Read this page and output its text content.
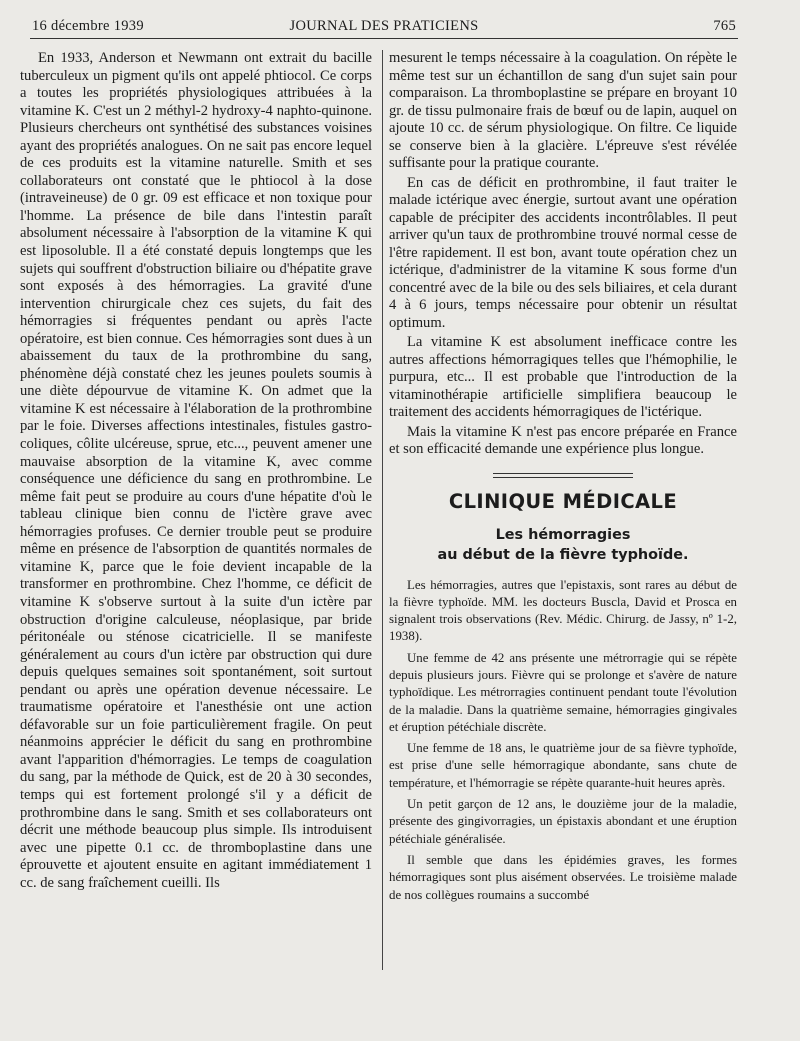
16 décembre 1939	JOURNAL DES PRATICIENS	765

En 1933, Anderson et Newmann ont extrait du bacille tuberculeux un pigment qu'ils ont appelé phtiocol. Ce corps a toutes les propriétés physiologiques attribuées à la vitamine K. C'est un 2 méthyl-2 hydroxy-4 naphto-quinone. Plusieurs chercheurs ont synthétisé des substances voisines ayant des propriétés analogues. On ne sait pas encore lequel de ces produits est la vitamine naturelle. Smith et ses collaborateurs ont constaté que le phtiocol à la dose (intraveineuse) de 0 gr. 09 est efficace et non toxique pour l'homme. La présence de bile dans l'intestin paraît absolument nécessaire à l'absorption de la vitamine K qui est liposoluble. Il a été constaté depuis longtemps que les sujets qui souffrent d'obstruction biliaire ou d'hépatite grave sont exposés à des hémorragies. La gravité d'une intervention chirurgicale chez ces sujets, du fait des hémorragies si fréquentes pendant ou après l'acte opératoire, est bien connue. Ces hémorragies sont dues à un abaissement du taux de la prothrombine du sang, phénomène déjà constaté chez les jeunes poulets soumis à une diète dépourvue de vitamine K. On admet que la vitamine K est nécessaire à l'élaboration de la prothrombine par le foie. Diverses affections intestinales, fistules gastro-coliques, côlite ulcéreuse, sprue, etc..., peuvent amener une mauvaise absorption de la vitamine K, avec comme conséquence une déficience du sang en prothrombine. Le même fait peut se produire au cours d'une hépatite d'où le tableau clinique bien connu de l'ictère grave avec hémorragies profuses. Ce dernier trouble peut se produire même en présence de l'absorption de quantités normales de vitamine K, parce que le foie devient incapable de la transformer en prothrombine. Chez l'homme, ce déficit de vitamine K s'observe surtout à la suite d'un ictère par obstruction d'origine calculeuse, néoplasique, par bride péritonéale ou sténose cicatricielle. Il se manifeste généralement au cours d'un ictère par obstruction qui dure depuis quelques semaines soit spontanément, soit surtout pendant ou après une opération devenue nécessaire. Le traumatisme opératoire et l'anesthésie ont une action défavorable sur un foie particulièrement fragile. On peut néanmoins apprécier le déficit du sang en prothrombine avant l'apparition d'hémorragies. Le temps de coagulation du sang, par la méthode de Quick, est de 20 à 30 secondes, temps qui est fortement prolongé s'il y a déficit de prothrombine dans le sang. Smith et ses collaborateurs ont décrit une méthode beaucoup plus simple. Ils introduisent avec une pipette 0.1 cc. de thromboplastine dans une éprouvette et ajoutent ensuite en agitant immédiatement 1 cc. de sang fraîchement cueilli. Ils

mesurent le temps nécessaire à la coagulation. On répète le même test sur un échantillon de sang d'un sujet sain pour comparaison. La thromboplastine se prépare en broyant 10 gr. de tissu pulmonaire frais de bœuf ou de lapin, auquel on ajoute 10 cc. de sérum physiologique. On filtre. Ce liquide se conserve bien à la glacière. L'épreuve s'est révélée suffisante pour la pratique courante.

En cas de déficit en prothrombine, il faut traiter le malade ictérique avec énergie, surtout avant une opération capable de précipiter des accidents incontrôlables. Il peut arriver qu'un taux de prothrombine trouvé normal cesse de l'être rapidement. Il est bon, avant toute opération chez un ictérique, d'administrer de la vitamine K sous forme d'un concentré avec de la bile ou des sels biliaires, et cela durant 4 à 6 jours, temps nécessaire pour obtenir un résultat optimum.

La vitamine K est absolument inefficace contre les autres affections hémorragiques telles que l'hémophilie, le purpura, etc... Il est probable que l'introduction de la vitaminothérapie artificielle simplifiera beaucoup le traitement des accidents hémorragiques de l'ictérique.

Mais la vitamine K n'est pas encore préparée en France et son efficacité demande une expérience plus longue.

CLINIQUE MÉDICALE
Les hémorragies
au début de la fièvre typhoïde.

Les hémorragies, autres que l'epistaxis, sont rares au début de la fièvre typhoïde. MM. les docteurs Buscla, David et Prosca en signalent trois observations (Rev. Médic. Chirurg. de Jassy, nº 1-2, 1938).

Une femme de 42 ans présente une métrorragie qui se répète depuis plusieurs jours. Fièvre qui se prolonge et s'avère de nature typhoïdique. Les métrorragies continuent pendant toute l'évolution de la maladie. Dans la quatrième semaine, hémorragies gingivales et éruption pétéchiale discrète.

Une femme de 18 ans, le quatrième jour de sa fièvre typhoïde, est prise d'une selle hémorragique abondante, sans chute de température, et l'hémorragie se répète quarante-huit heures après.

Un petit garçon de 12 ans, le douzième jour de la maladie, présente des gingivorragies, un épistaxis abondant et une éruption pétéchiale généralisée.

Il semble que dans les épidémies graves, les formes hémorragiques sont plus aisément observées. Le troisième malade de nos collègues roumains a succombé
